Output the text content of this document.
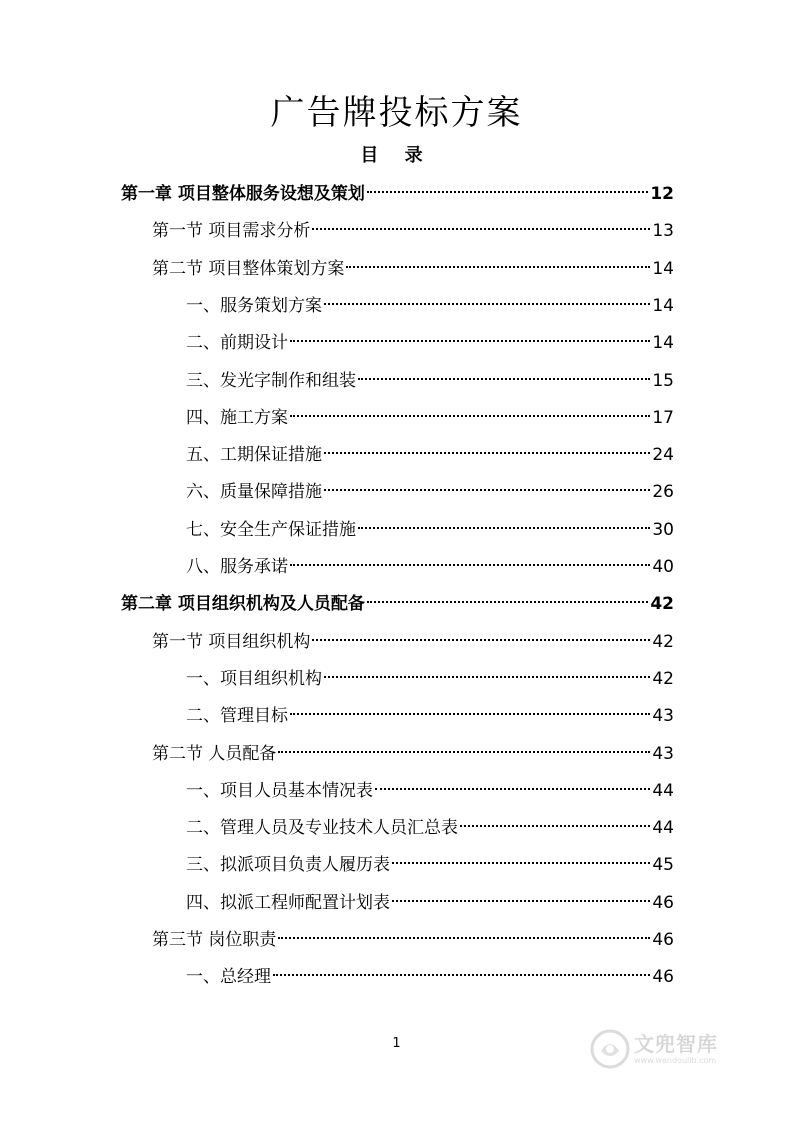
广告牌投标方案
目 录
第一章 项目整体服务设想及策划	12
第一节 项目需求分析	13
第二节 项目整体策划方案	14
一、服务策划方案	14
二、前期设计	14
三、发光字制作和组装	15
四、施工方案	17
五、工期保证措施	24
六、质量保障措施	26
七、安全生产保证措施	30
八、服务承诺	40
第二章 项目组织机构及人员配备	42
第一节 项目组织机构	42
一、项目组织机构	42
二、管理目标	43
第二节 人员配备	43
一、项目人员基本情况表	44
二、管理人员及专业技术人员汇总表	44
三、拟派项目负责人履历表	45
四、拟派工程师配置计划表	46
第三节 岗位职责	46
一、总经理	46
1	文兜智库
www.wendoulib.com
